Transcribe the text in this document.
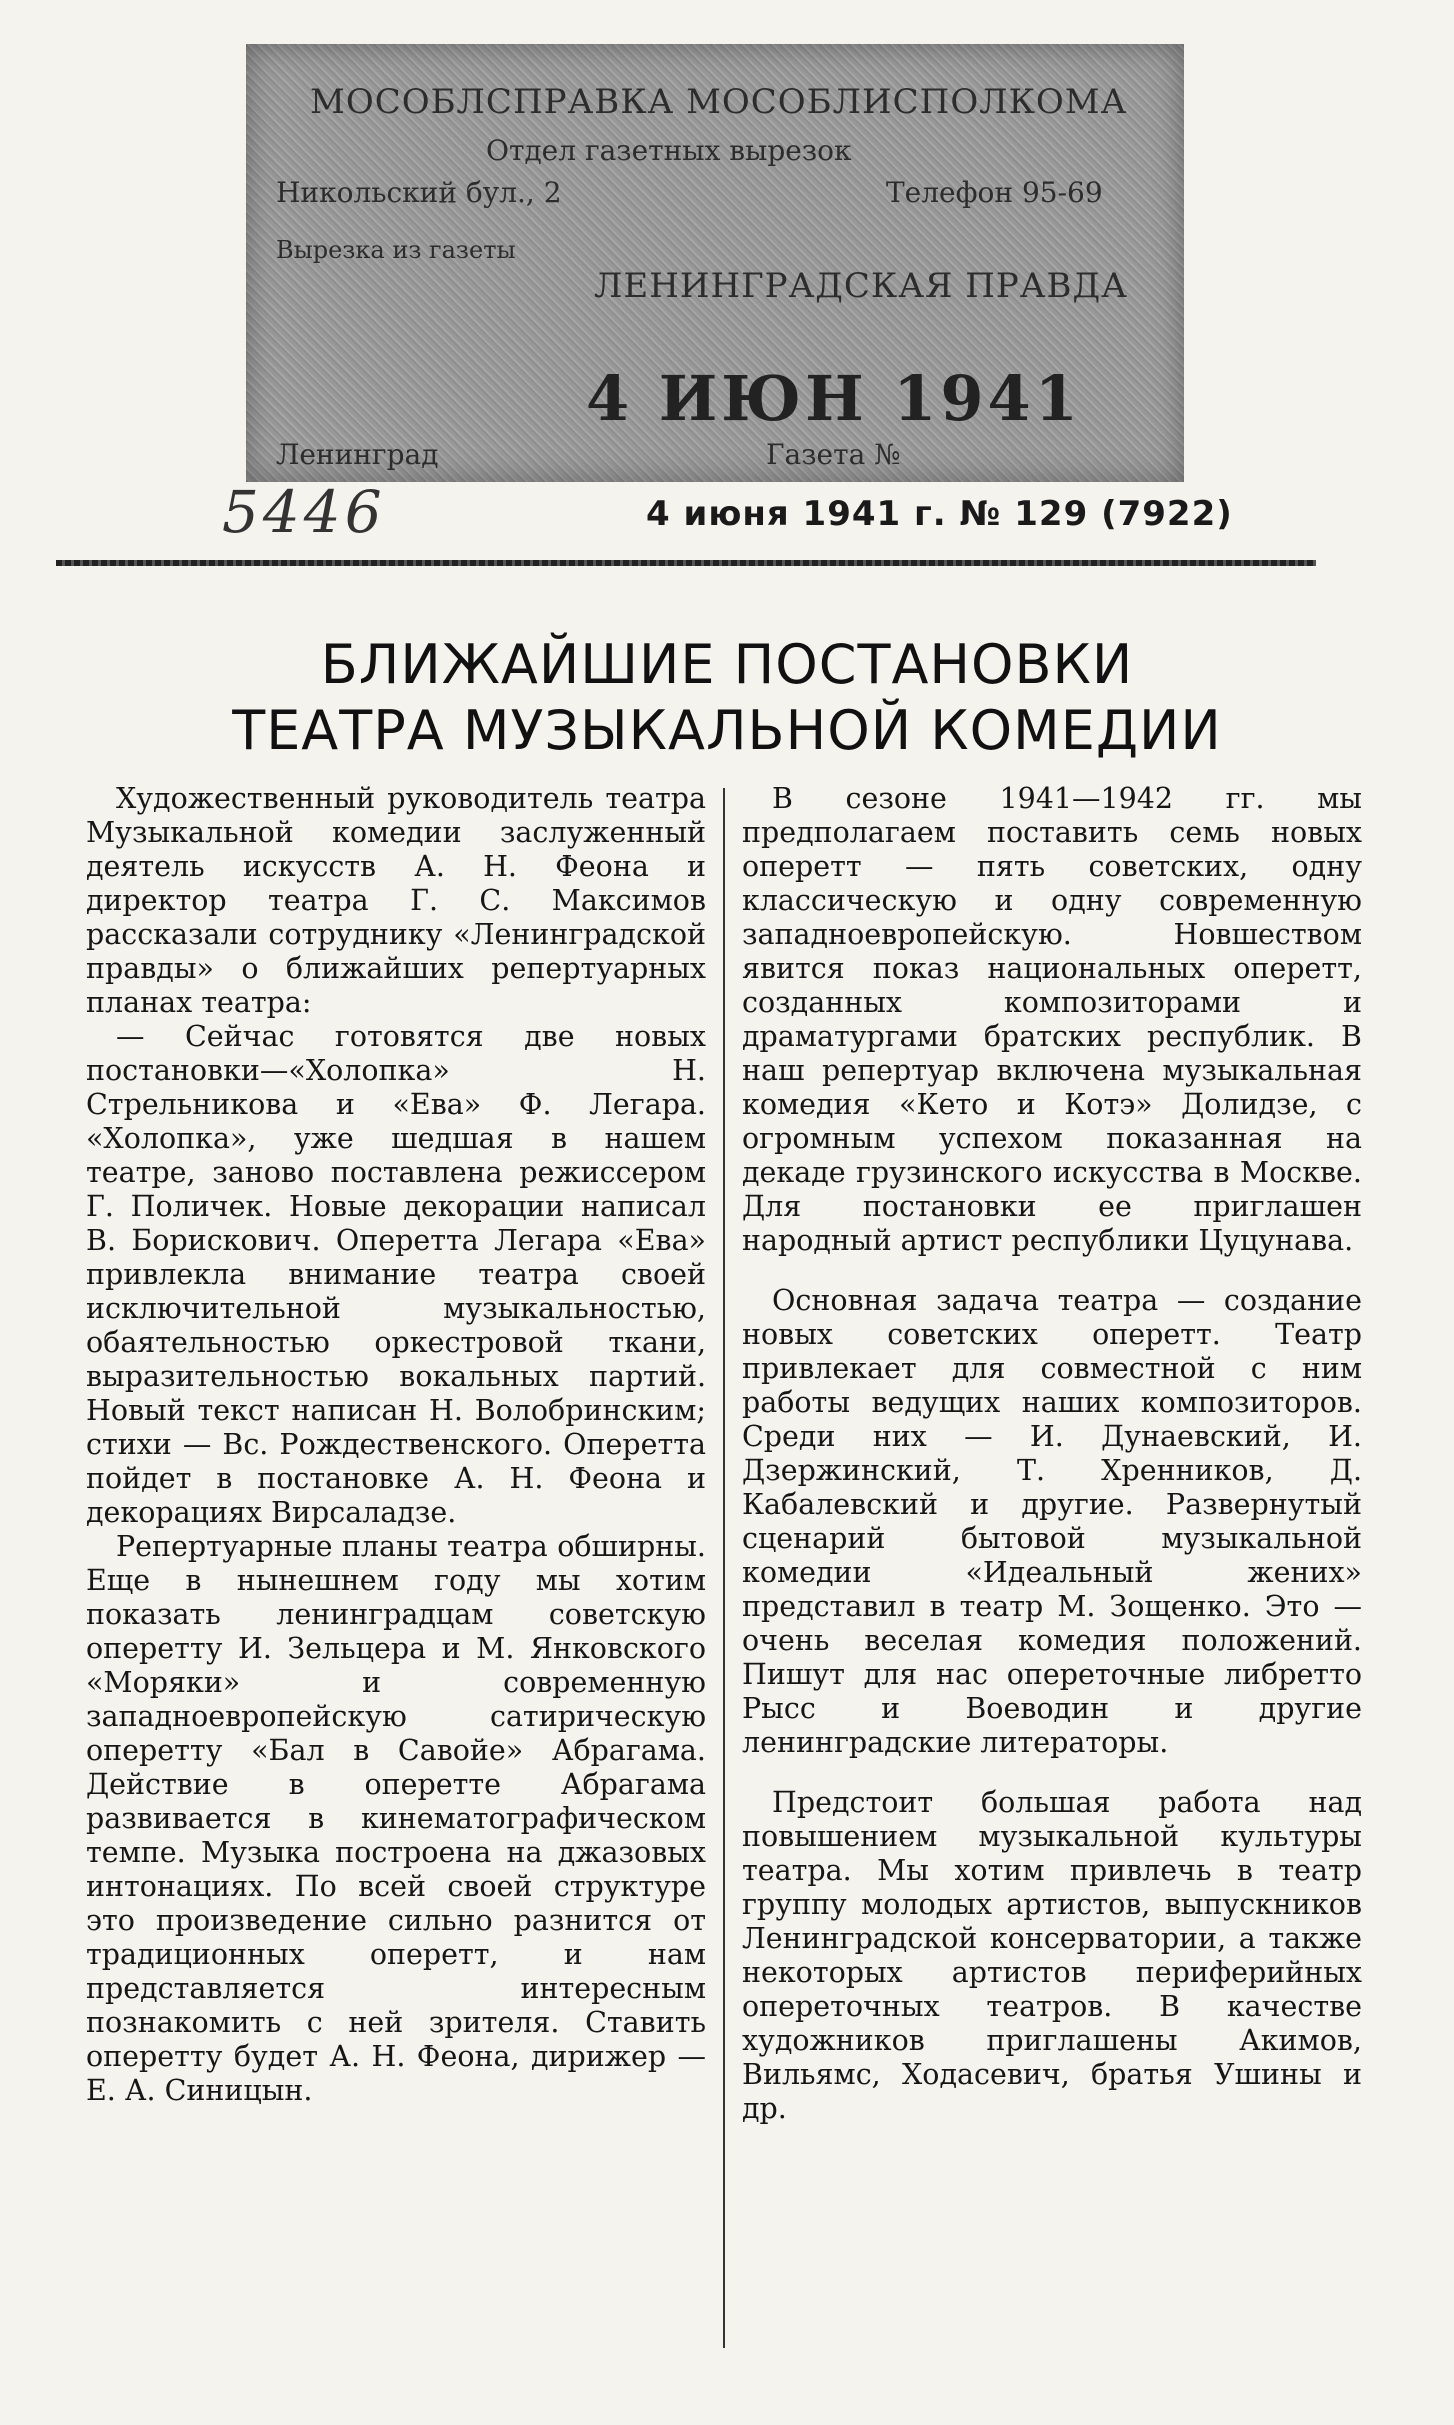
МОСОБЛСПРАВКА МОСОБЛИСПОЛКОМА
Отдел газетных вырезок
Никольский бул., 2	Телефон 95-69
Вырезка из газеты
ЛЕНИНГРАДСКАЯ ПРАВДА
4 ИЮН 1941
Ленинград	Газета №
5446	4 июня 1941 г. № 129 (7922)
БЛИЖАЙШИЕ ПОСТАНОВКИ
ТЕАТРА МУЗЫКАЛЬНОЙ КОМЕДИИ

Художественный руководитель театра Музыкальной комедии заслуженный деятель искусств А. Н. Феона и директор театра Г. С. Максимов рассказали сотруднику «Ленинградской правды» о ближайших репертуарных планах театра:

— Сейчас готовятся две новых постановки—«Холопка» Н. Стрельникова и «Ева» Ф. Легара. «Холопка», уже шедшая в нашем театре, заново поставлена режиссером Г. Поличек. Новые декорации написал В. Борискович. Оперетта Легара «Ева» привлекла внимание театра своей исключительной музыкальностью, обаятельностью оркестровой ткани, выразительностью вокальных партий. Новый текст написан Н. Волобринским; стихи — Вс. Рождественского. Оперетта пойдет в постановке А. Н. Феона и декорациях Вирсаладзе.

Репертуарные планы театра обширны. Еще в нынешнем году мы хотим показать ленинградцам советскую оперетту И. Зельцера и М. Янковского «Моряки» и современную западноевропейскую сатирическую оперетту «Бал в Савойе» Абрагама. Действие в оперетте Абрагама развивается в кинематографическом темпе. Музыка построена на джазовых интонациях. По всей своей структуре это произведение сильно разнится от традиционных оперетт, и нам представляется интересным познакомить с ней зрителя. Ставить оперетту будет А. Н. Феона, дирижер — Е. А. Синицын.

В сезоне 1941—1942 гг. мы предполагаем поставить семь новых оперетт — пять советских, одну классическую и одну современную западноевропейскую. Новшеством явится показ национальных оперетт, созданных композиторами и драматургами братских республик. В наш репертуар включена музыкальная комедия «Кето и Котэ» Долидзе, с огромным успехом показанная на декаде грузинского искусства в Москве. Для постановки ее приглашен народный артист республики Цуцунава.

Основная задача театра — создание новых советских оперетт. Театр привлекает для совместной с ним работы ведущих наших композиторов. Среди них — И. Дунаевский, И. Дзержинский, Т. Хренников, Д. Кабалевский и другие. Развернутый сценарий бытовой музыкальной комедии «Идеальный жених» представил в театр М. Зощенко. Это — очень веселая комедия положений. Пишут для нас опереточные либретто Рысс и Воеводин и другие ленинградские литераторы.

Предстоит большая работа над повышением музыкальной культуры театра. Мы хотим привлечь в театр группу молодых артистов, выпускников Ленинградской консерватории, а также некоторых артистов периферийных опереточных театров. В качестве художников приглашены Акимов, Вильямс, Ходасевич, братья Ушины и др.
